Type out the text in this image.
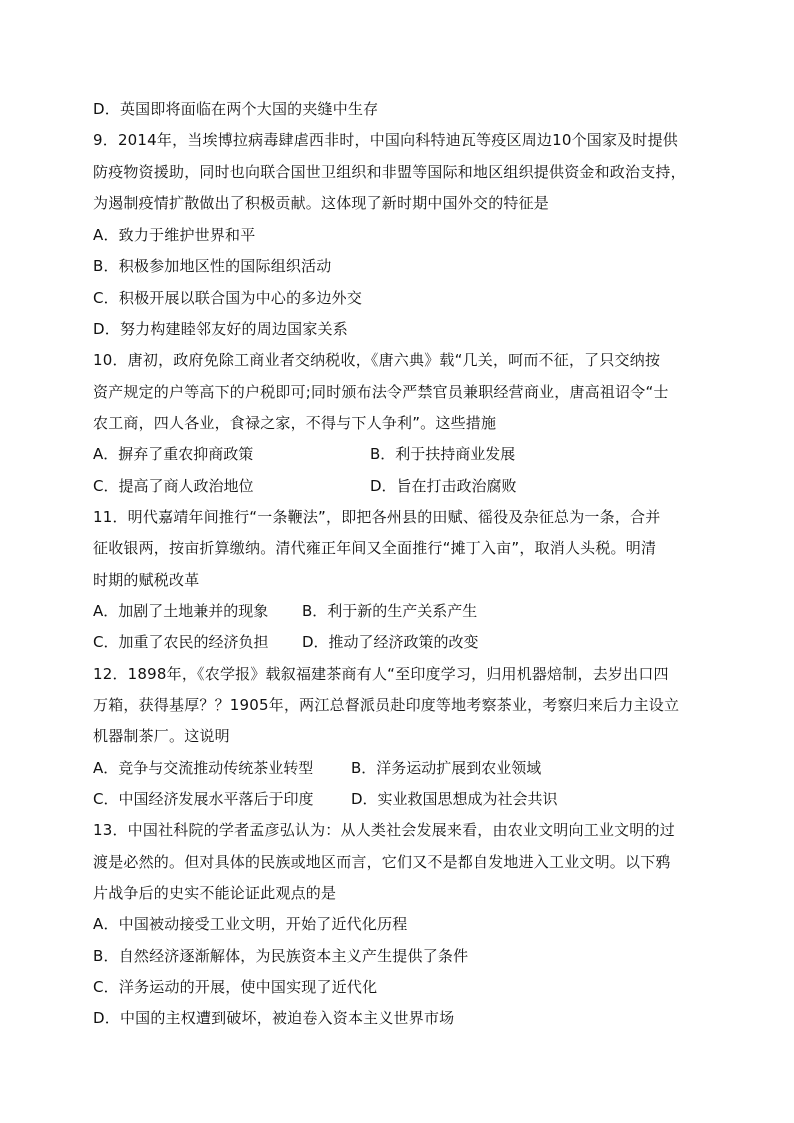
D．英国即将面临在两个大国的夹缝中生存
9．2014年，当埃博拉病毒肆虐西非时，中国向科特迪瓦等疫区周边10个国家及时提供
防疫物资援助，同时也向联合国世卫组织和非盟等国际和地区组织提供资金和政治支持，
为遏制疫情扩散做出了积极贡献。这体现了新时期中国外交的特征是
A．致力于维护世界和平
B．积极参加地区性的国际组织活动
C．积极开展以联合国为中心的多边外交
D．努力构建睦邻友好的周边国家关系
10．唐初，政府免除工商业者交纳税收，《唐六典》载“几关，呵而不征，了只交纳按
资产规定的户等高下的户税即可;同时颁布法令严禁官员兼职经营商业，唐高祖诏令“士
农工商，四人各业，食禄之家，不得与下人争利”。这些措施
A．摒弃了重农抑商政策	B．利于扶持商业发展
C．提高了商人政治地位	D．旨在打击政治腐败
11．明代嘉靖年间推行“一条鞭法”，即把各州县的田赋、徭役及杂征总为一条，合并
征收银两，按亩折算缴纳。清代雍正年间又全面推行“摊丁入亩”，取消人头税。明清
时期的赋税改革
A．加剧了土地兼并的现象 B．利于新的生产关系产生
C．加重了农民的经济负担 D．推动了经济政策的改变
12．1898年，《农学报》载叙福建茶商有人“至印度学习，归用机器焙制，去岁出口四
万箱，获得基厚？？1905年，两江总督派员赴印度等地考察茶业，考察归来后力主设立
机器制茶厂。这说明
A．竞争与交流推动传统茶业转型	B．洋务运动扩展到农业领域
C．中国经济发展水平落后于印度	D．实业救国思想成为社会共识
13．中国社科院的学者孟彦弘认为：从人类社会发展来看，由农业文明向工业文明的过
渡是必然的。但对具体的民族或地区而言，它们又不是都自发地进入工业文明。以下鸦
片战争后的史实不能论证此观点的是
A．中国被动接受工业文明，开始了近代化历程
B．自然经济逐渐解体，为民族资本主义产生提供了条件
C．洋务运动的开展，使中国实现了近代化
D．中国的主权遭到破坏，被迫卷入资本主义世界市场
